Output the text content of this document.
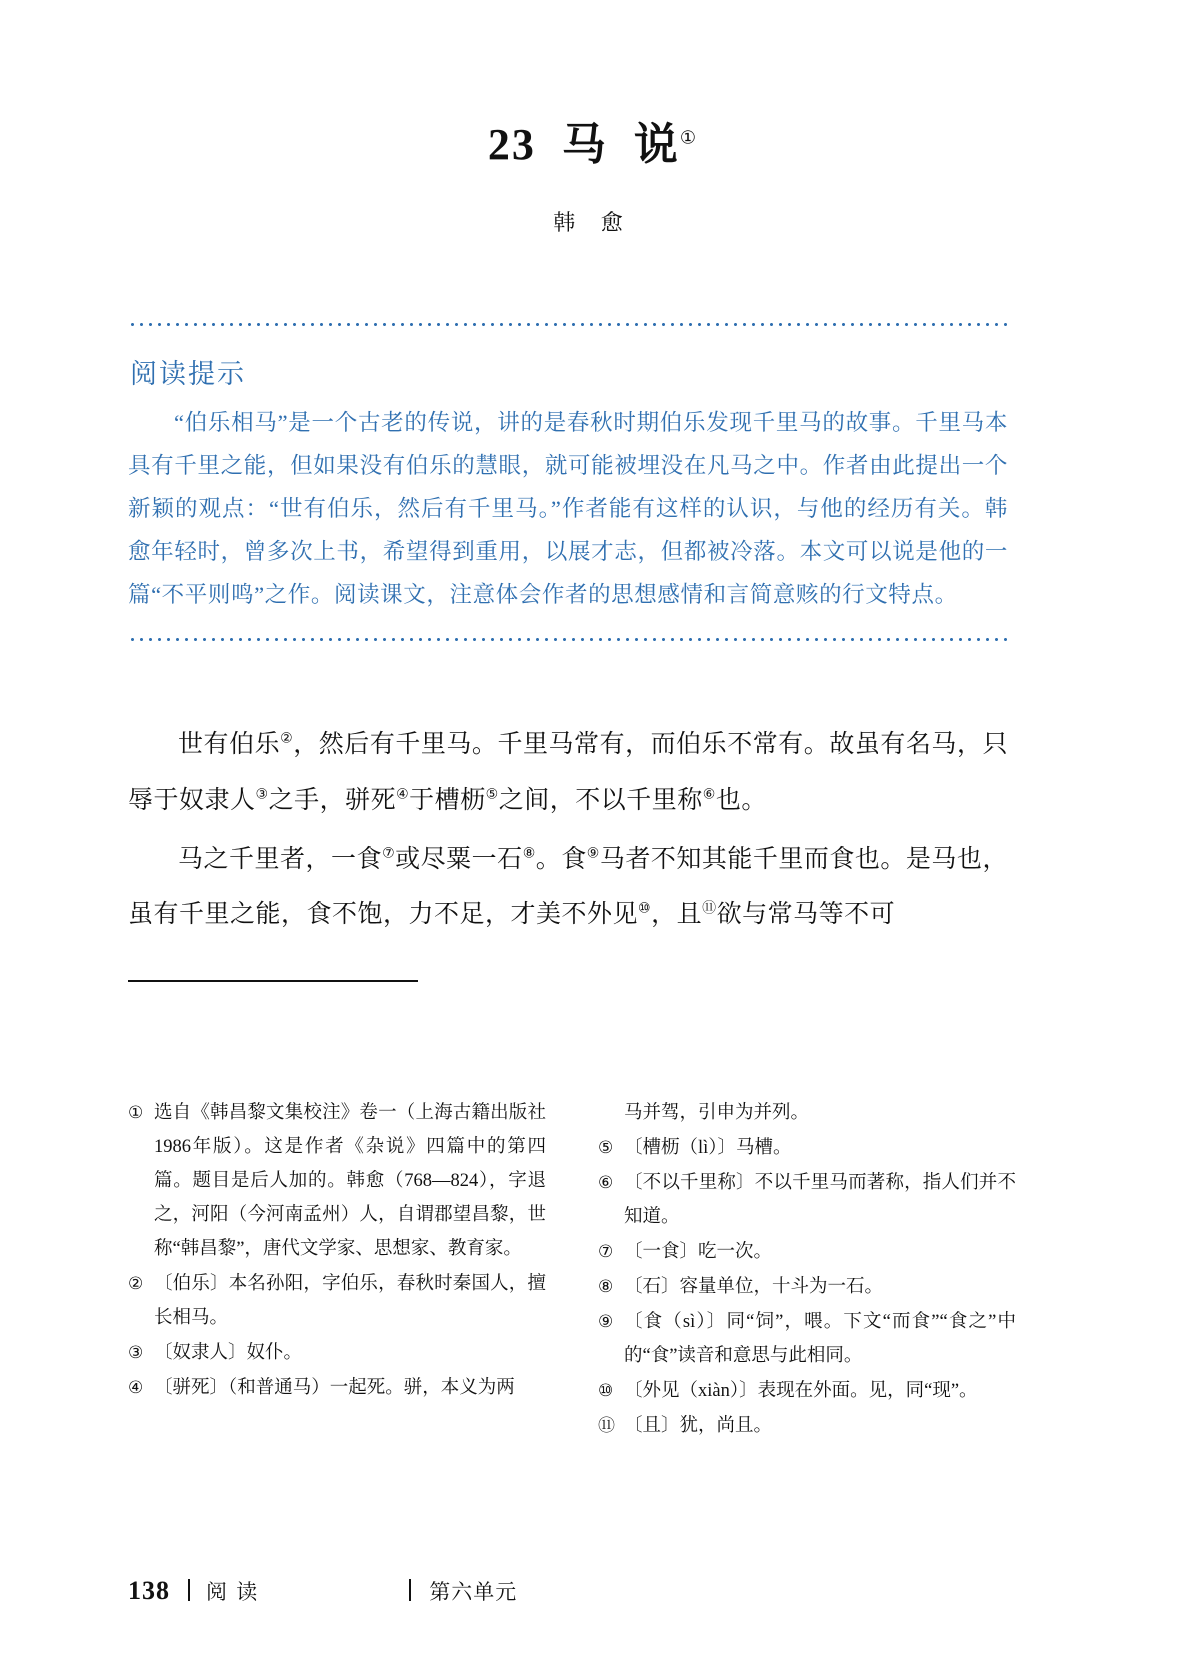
23 马 说①
韩 愈
阅读提示
“伯乐相马”是一个古老的传说，讲的是春秋时期伯乐发现千里马的故事。千里马本具有千里之能，但如果没有伯乐的慧眼，就可能被埋没在凡马之中。作者由此提出一个新颖的观点：“世有伯乐，然后有千里马。”作者能有这样的认识，与他的经历有关。韩愈年轻时，曾多次上书，希望得到重用，以展才志，但都被冷落。本文可以说是他的一篇“不平则鸣”之作。阅读课文，注意体会作者的思想感情和言简意赅的行文特点。

世有伯乐②，然后有千里马。千里马常有，而伯乐不常有。故虽有名马，只辱于奴隶人③之手，骈死④于槽枥⑤之间，不以千里称⑥也。

马之千里者，一食⑦或尽粟一石⑧。食⑨马者不知其能千里而食也。是马也，虽有千里之能，食不饱，力不足，才美不外见⑩，且⑪欲与常马等不可

① 选自《韩昌黎文集校注》卷一（上海古籍出版社1986年版）。这是作者《杂说》四篇中的第四篇。题目是后人加的。韩愈（768—824），字退之，河阳（今河南孟州）人，自谓郡望昌黎，世称“韩昌黎”，唐代文学家、思想家、教育家。
② 〔伯乐〕本名孙阳，字伯乐，春秋时秦国人，擅长相马。
③ 〔奴隶人〕奴仆。
④ 〔骈死〕（和普通马）一起死。骈，本义为两
马并驾，引申为并列。
⑤ 〔槽枥（lì）〕马槽。
⑥ 〔不以千里称〕不以千里马而著称，指人们并不知道。
⑦ 〔一食〕吃一次。
⑧ 〔石〕容量单位，十斗为一石。
⑨ 〔食（sì）〕同“饲”，喂。下文“而食”“食之”中的“食”读音和意思与此相同。
⑩ 〔外见（xiàn）〕表现在外面。见，同“现”。
⑪ 〔且〕犹，尚且。
138 阅 读	第六单元
